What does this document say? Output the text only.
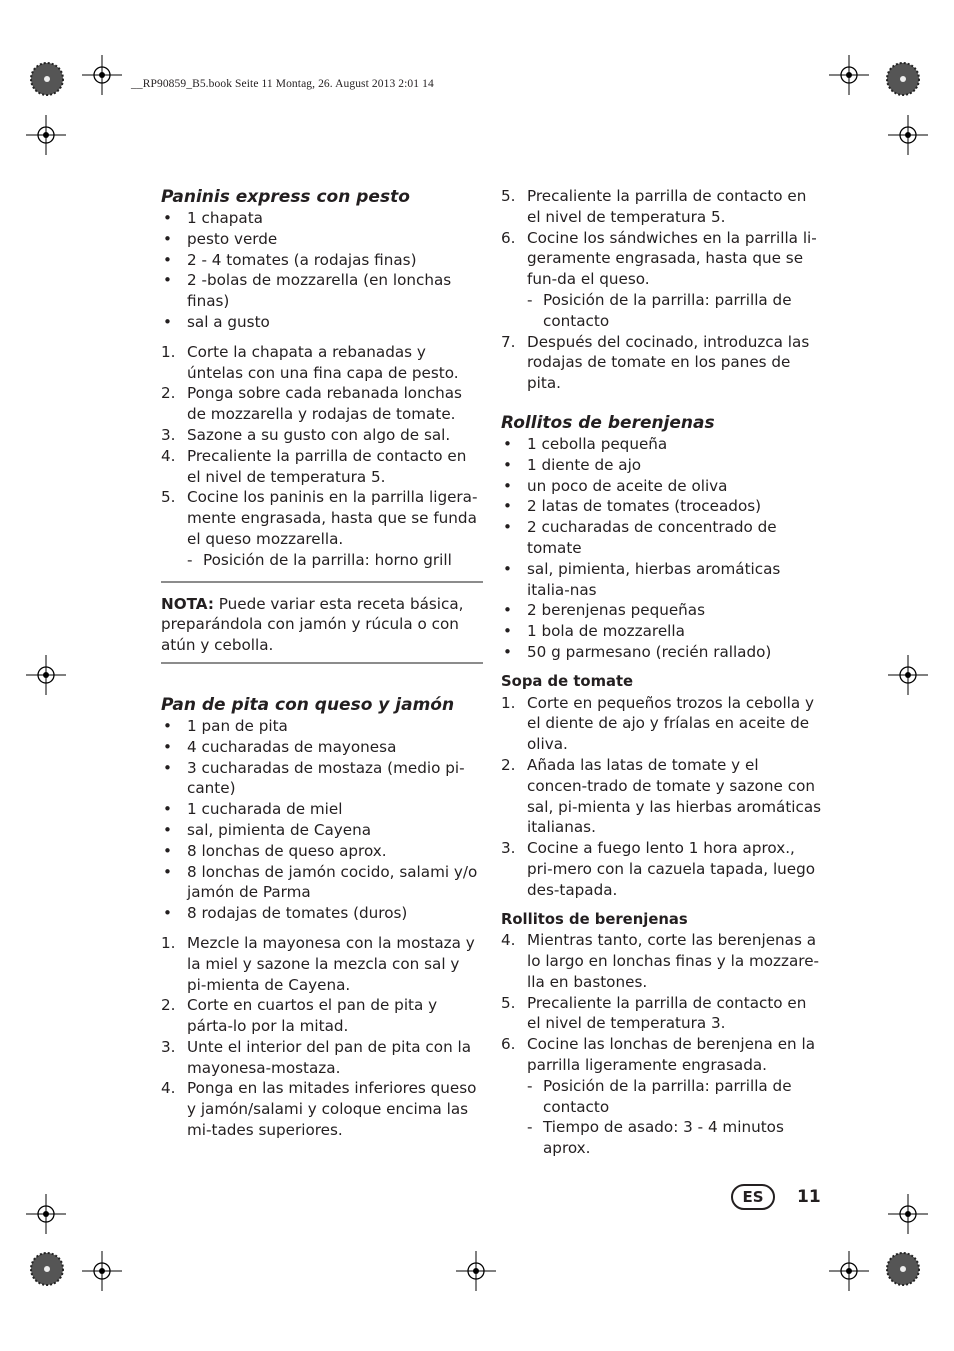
__RP90859_B5.book Seite 11 Montag, 26. August 2013 2:01 14
Paninis express con pesto
• 1 chapata
• pesto verde
• 2 - 4 tomates (a rodajas finas)
• 2 -bolas de mozzarella (en lonchas finas)
• sal a gusto
1. Corte la chapata a rebanadas y úntelas con una fina capa de pesto.
2. Ponga sobre cada rebanada lonchas de mozzarella y rodajas de tomate.
3. Sazone a su gusto con algo de sal.
4. Precaliente la parrilla de contacto en el nivel de temperatura 5.
5. Cocine los paninis en la parrilla ligera-mente engrasada, hasta que se funda el queso mozzarella.
- Posición de la parrilla: horno grill
NOTA: Puede variar esta receta básica, preparándola con jamón y rúcula o con atún y cebolla.
Pan de pita con queso y jamón
• 1 pan de pita
• 4 cucharadas de mayonesa
• 3 cucharadas de mostaza (medio pi-cante)
• 1 cucharada de miel
• sal, pimienta de Cayena
• 8 lonchas de queso aprox.
• 8 lonchas de jamón cocido, salami y/o jamón de Parma
• 8 rodajas de tomates (duros)
1. Mezcle la mayonesa con la mostaza y la miel y sazone la mezcla con sal y pi-mienta de Cayena.
2. Corte en cuartos el pan de pita y párta-lo por la mitad.
3. Unte el interior del pan de pita con la mayonesa-mostaza.
4. Ponga en las mitades inferiores queso y jamón/salami y coloque encima las mi-tades superiores.
5. Precaliente la parrilla de contacto en el nivel de temperatura 5.
6. Cocine los sándwiches en la parrilla li-geramente engrasada, hasta que se fun-da el queso.
- Posición de la parrilla: parrilla de contacto
7. Después del cocinado, introduzca las rodajas de tomate en los panes de pita.
Rollitos de berenjenas
• 1 cebolla pequeña
• 1 diente de ajo
• un poco de aceite de oliva
• 2 latas de tomates (troceados)
• 2 cucharadas de concentrado de tomate
• sal, pimienta, hierbas aromáticas italia-nas
• 2 berenjenas pequeñas
• 1 bola de mozzarella
• 50 g parmesano (recién rallado)
Sopa de tomate
1. Corte en pequeños trozos la cebolla y el diente de ajo y fríalas en aceite de oliva.
2. Añada las latas de tomate y el concen-trado de tomate y sazone con sal, pi-mienta y las hierbas aromáticas italianas.
3. Cocine a fuego lento 1 hora aprox., pri-mero con la cazuela tapada, luego des-tapada.
Rollitos de berenjenas
4. Mientras tanto, corte las berenjenas a lo largo en lonchas finas y la mozzare-lla en bastones.
5. Precaliente la parrilla de contacto en el nivel de temperatura 3.
6. Cocine las lonchas de berenjena en la parrilla ligeramente engrasada.
- Posición de la parrilla: parrilla de contacto
- Tiempo de asado: 3 - 4 minutos aprox.
ES	11
